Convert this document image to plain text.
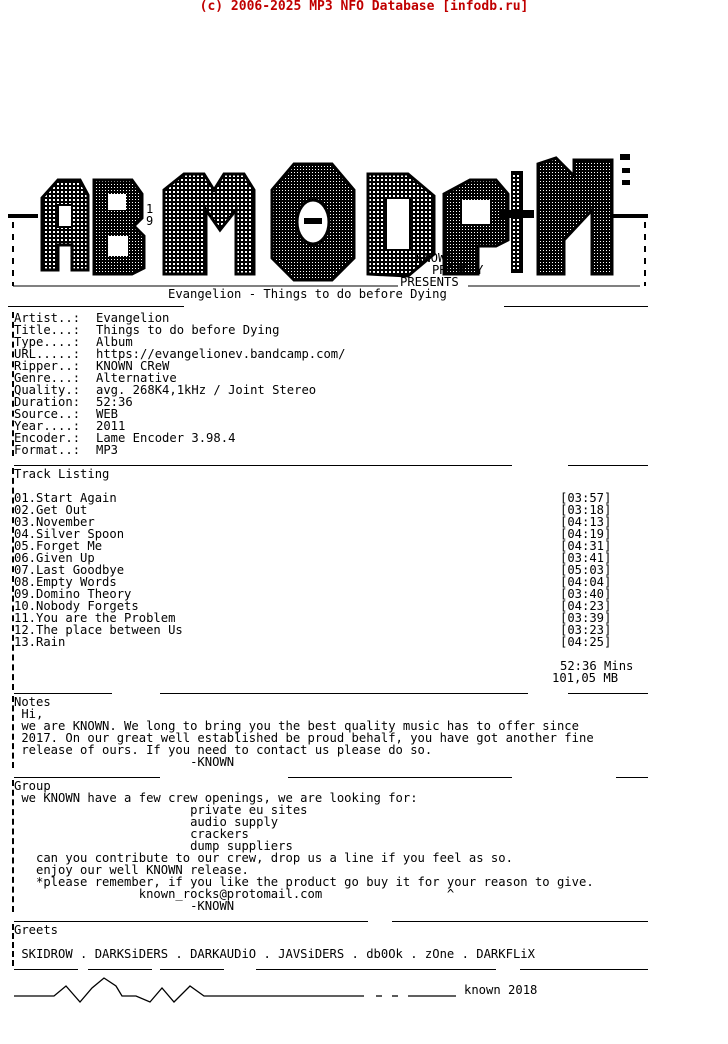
(c) 2006-2025 MP3 NFO Database [infodb.ru]
1
9
KNOWN
PROUDLY
PRESENTS
Evangelion - Things to do before Dying
Artist..: Evangelion
Title...: Things to do before Dying
Type....: Album
URL.....: https://evangelionev.bandcamp.com/
Ripper..: KNOWN CReW
Genre...: Alternative
Quality.: avg. 268K4,1kHz / Joint Stereo
Duration: 52:36
Source..: WEB
Year....: 2011
Encoder.: Lame Encoder 3.98.4
Format..: MP3
Track Listing
01.Start Again	[03:57]
02.Get Out	[03:18]
03.November	[04:13]
04.Silver Spoon	[04:19]
05.Forget Me	[04:31]
06.Given Up	[03:41]
07.Last Goodbye	[05:03]
08.Empty Words	[04:04]
09.Domino Theory	[03:40]
10.Nobody Forgets	[04:23]
11.You are the Problem	[03:39]
12.The place between Us	[03:23]
13.Rain	[04:25]
52:36 Mins
101,05 MB
Notes
Hi,
we are KNOWN. We long to bring you the best quality music has to offer since
2017. On our great well established be proud behalf, you have got another fine
release of ours. If you need to contact us please do so.
-KNOWN
Group
we KNOWN have a few crew openings, we are looking for:
private eu sites
audio supply
crackers
dump suppliers
can you contribute to our crew, drop us a line if you feel as so.
enjoy our well KNOWN release.
*please remember, if you like the product go buy it for your reason to give.
known_rocks@protomail.com                 ^
-KNOWN
Greets
SKIDROW . DARKSiDERS . DARKAUDiO . JAVSiDERS . db0Ok . zOne . DARKFLiX
known 2018
